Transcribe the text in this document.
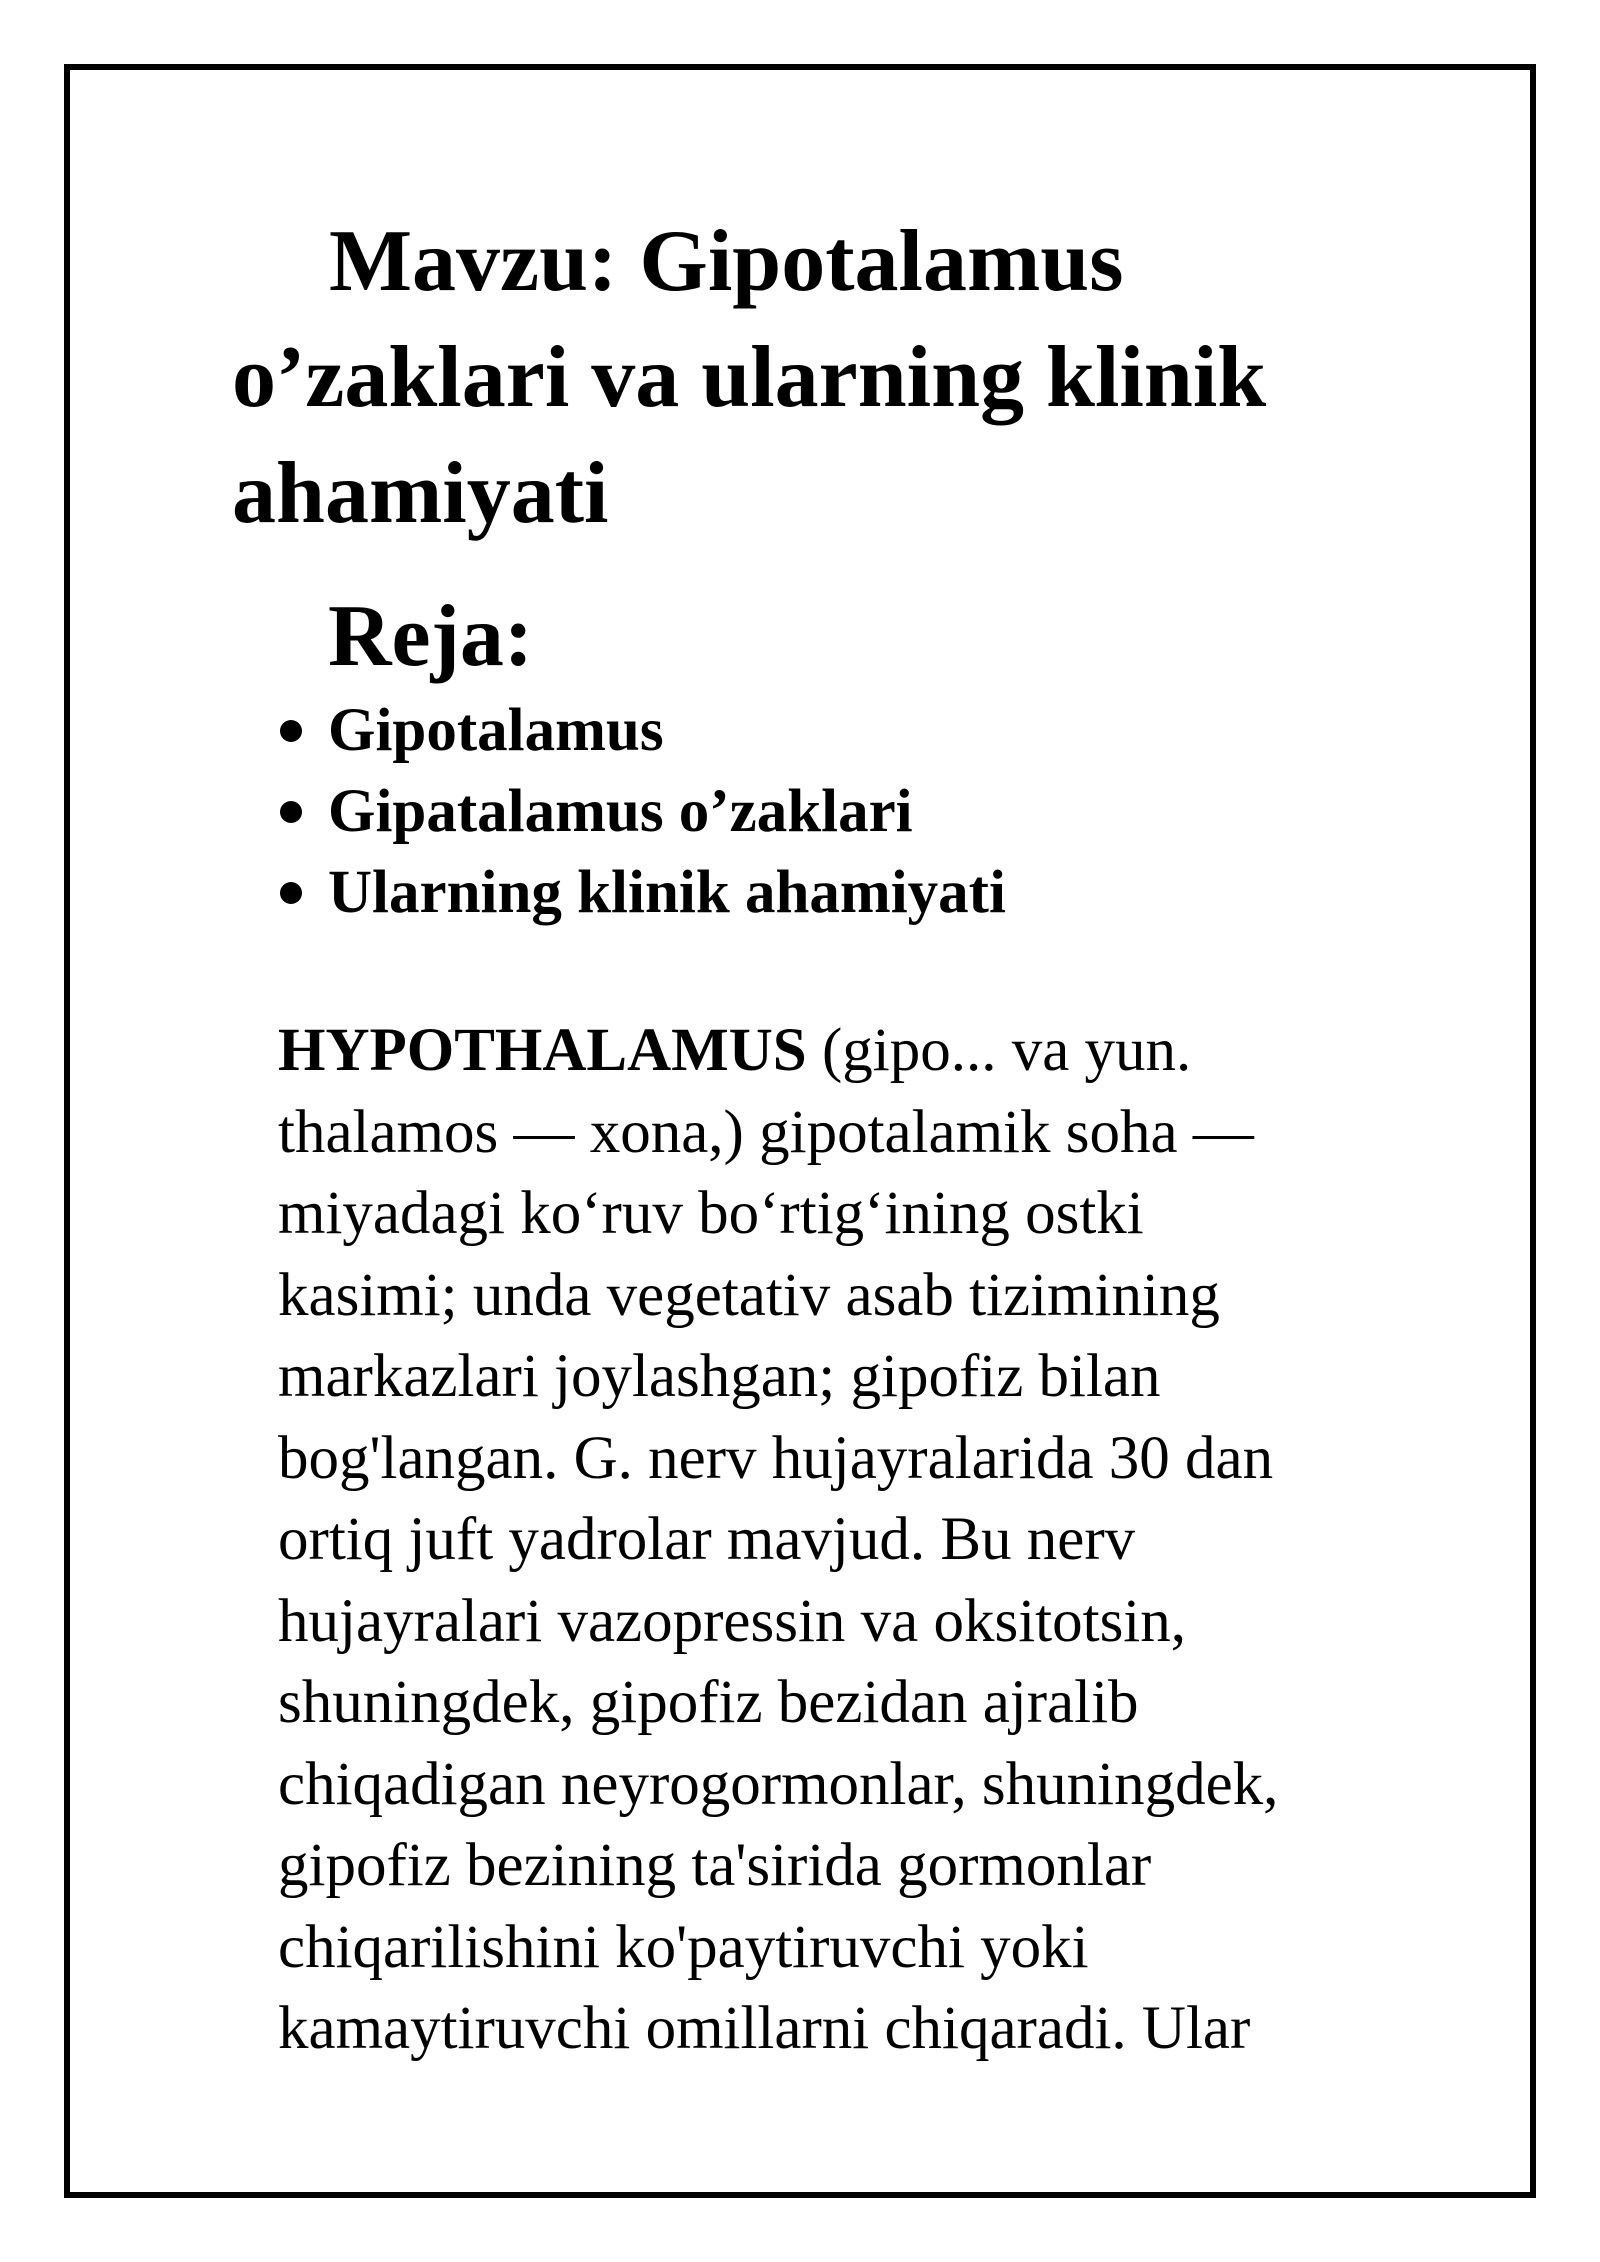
Mavzu: Gipotalamus
o’zaklari va ularning klinik
ahamiyati
Reja:
Gipotalamus
Gipatalamus o’zaklari
Ularning klinik ahamiyati
HYPOTHALAMUS (gipo... va yun.
thalamos — xona,) gipotalamik soha —
miyadagi ko‘ruv bo‘rtig‘ining ostki
kasimi; unda vegetativ asab tizimining
markazlari joylashgan; gipofiz bilan
bog'langan. G. nerv hujayralarida 30 dan
ortiq juft yadrolar mavjud. Bu nerv
hujayralari vazopressin va oksitotsin,
shuningdek, gipofiz bezidan ajralib
chiqadigan neyrogormonlar, shuningdek,
gipofiz bezining ta'sirida gormonlar
chiqarilishini ko'paytiruvchi yoki
kamaytiruvchi omillarni chiqaradi. Ular
